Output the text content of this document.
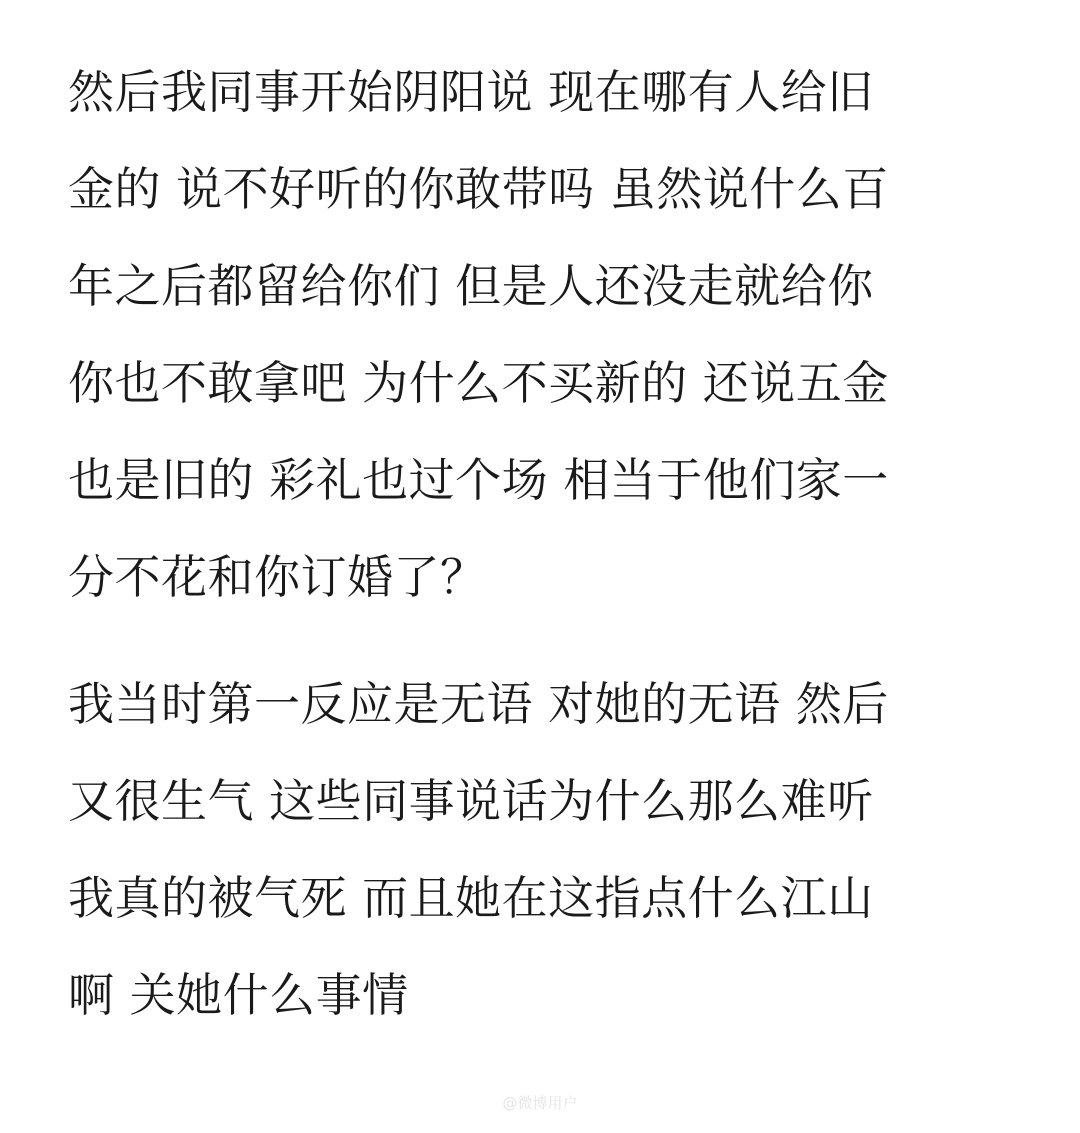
然后我同事开始阴阳说 现在哪有人给旧
金的 说不好听的你敢带吗 虽然说什么百
年之后都留给你们 但是人还没走就给你
你也不敢拿吧 为什么不买新的 还说五金
也是旧的 彩礼也过个场 相当于他们家一
分不花和你订婚了？
我当时第一反应是无语 对她的无语 然后
又很生气 这些同事说话为什么那么难听
我真的被气死 而且她在这指点什么江山
啊 关她什么事情
@微博用户
